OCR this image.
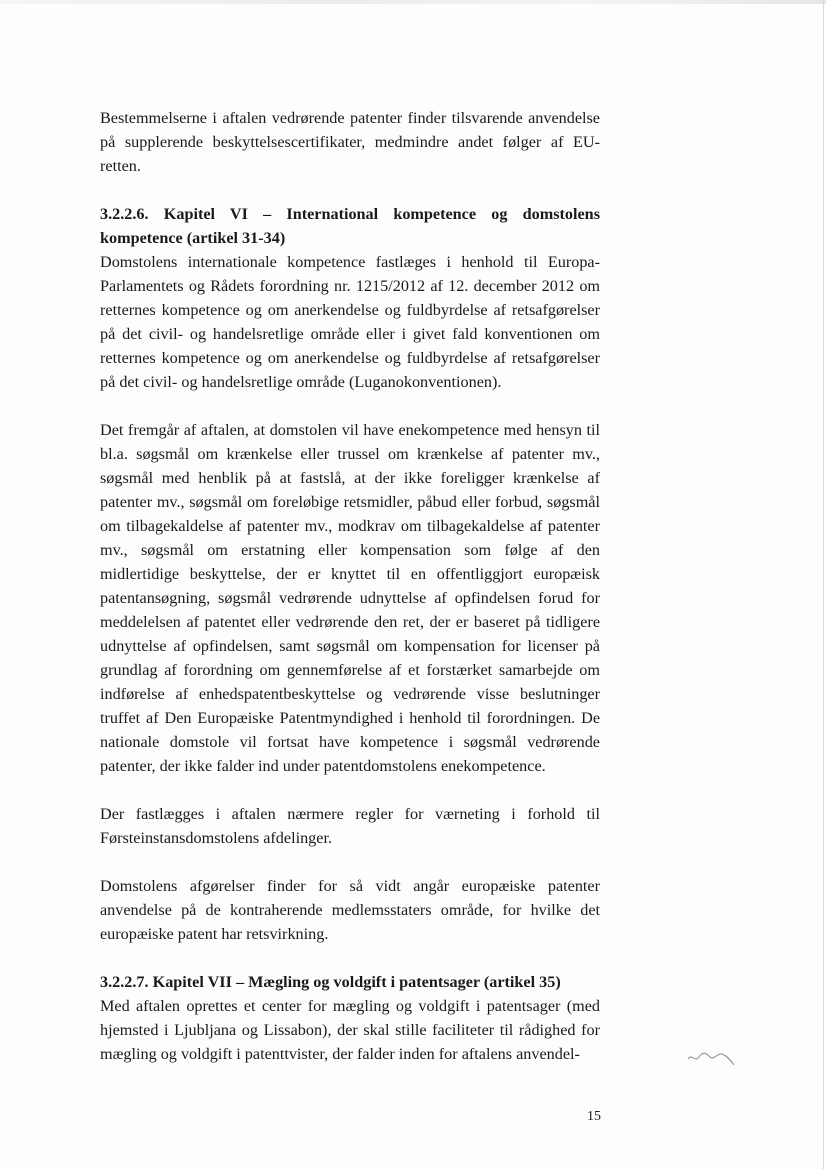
Bestemmelserne i aftalen vedrørende patenter finder tilsvarende anvendelse på supplerende beskyttelsescertifikater, medmindre andet følger af EU-retten.

3.2.2.6. Kapitel VI – International kompetence og domstolens kompetence (artikel 31-34)

Domstolens internationale kompetence fastlæges i henhold til Europa-Parlamentets og Rådets forordning nr. 1215/2012 af 12. december 2012 om retternes kompetence og om anerkendelse og fuldbyrdelse af retsafgørelser på det civil- og handelsretlige område eller i givet fald konventionen om retternes kompetence og om anerkendelse og fuldbyrdelse af retsafgørelser på det civil- og handelsretlige område (Luganokonventionen).

Det fremgår af aftalen, at domstolen vil have enekompetence med hensyn til bl.a. søgsmål om krænkelse eller trussel om krænkelse af patenter mv., søgsmål med henblik på at fastslå, at der ikke foreligger krænkelse af patenter mv., søgsmål om foreløbige retsmidler, påbud eller forbud, søgsmål om tilbagekaldelse af patenter mv., modkrav om tilbagekaldelse af patenter mv., søgsmål om erstatning eller kompensation som følge af den midlertidige beskyttelse, der er knyttet til en offentliggjort europæisk patentansøgning, søgsmål vedrørende udnyttelse af opfindelsen forud for meddelelsen af patentet eller vedrørende den ret, der er baseret på tidligere udnyttelse af opfindelsen, samt søgsmål om kompensation for licenser på grundlag af forordning om gennemførelse af et forstærket samarbejde om indførelse af enhedspatentbeskyttelse og vedrørende visse beslutninger truffet af Den Europæiske Patentmyndighed i henhold til forordningen. De nationale domstole vil fortsat have kompetence i søgsmål vedrørende patenter, der ikke falder ind under patentdomstolens enekompetence.

Der fastlægges i aftalen nærmere regler for værneting i forhold til Førsteinstansdomstolens afdelinger.

Domstolens afgørelser finder for så vidt angår europæiske patenter anvendelse på de kontraherende medlemsstaters område, for hvilke det europæiske patent har retsvirkning.

3.2.2.7. Kapitel VII – Mægling og voldgift i patentsager (artikel 35)

Med aftalen oprettes et center for mægling og voldgift i patentsager (med hjemsted i Ljubljana og Lissabon), der skal stille faciliteter til rådighed for mægling og voldgift i patenttvister, der falder inden for aftalens anvendel-

15
